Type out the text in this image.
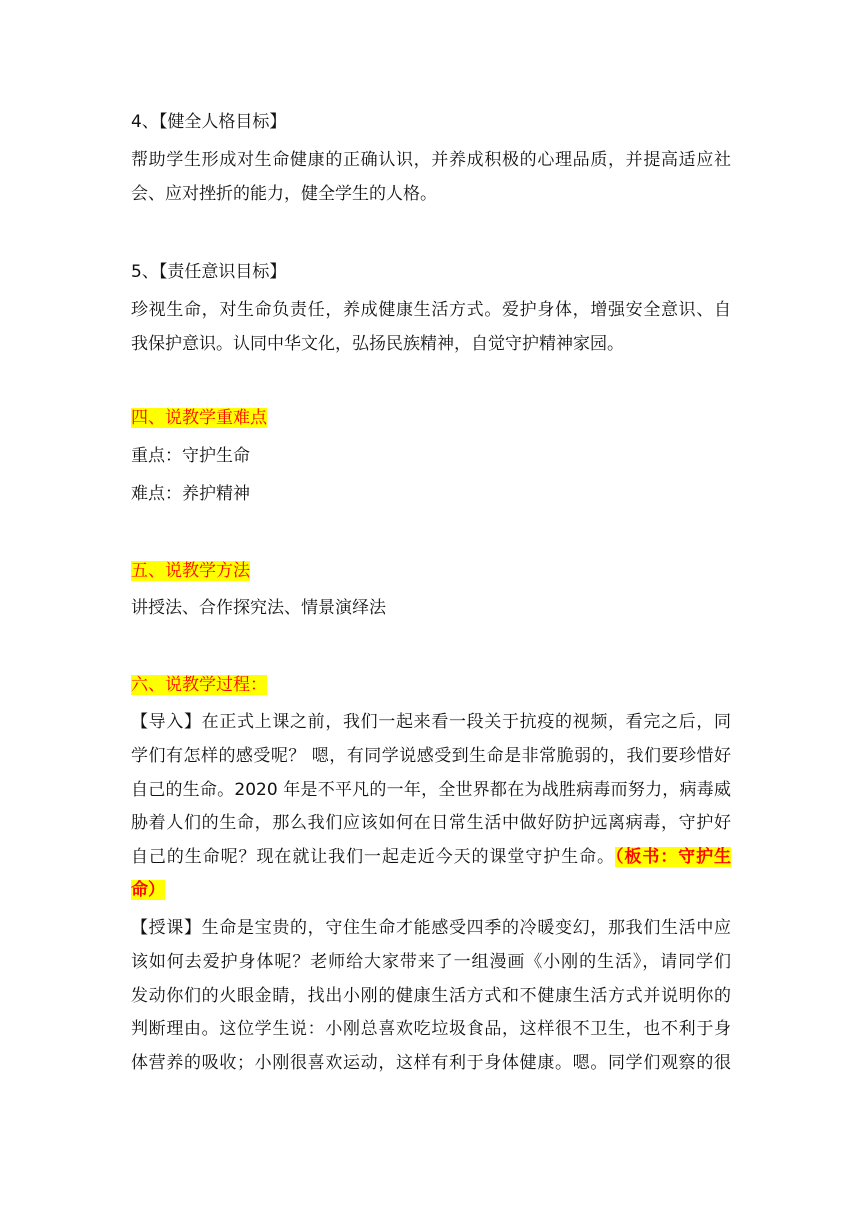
4、【健全人格目标】
帮助学生形成对生命健康的正确认识，并养成积极的心理品质，并提高适应社
会、应对挫折的能力，健全学生的人格。
5、【责任意识目标】
珍视生命，对生命负责任，养成健康生活方式。爱护身体，增强安全意识、自
我保护意识。认同中华文化，弘扬民族精神，自觉守护精神家园。
四、说教学重难点
重点：守护生命
难点：养护精神
五、说教学方法
讲授法、合作探究法、情景演绎法
六、说教学过程：
【导入】在正式上课之前，我们一起来看一段关于抗疫的视频，看完之后，同
学们有怎样的感受呢？ 嗯，有同学说感受到生命是非常脆弱的，我们要珍惜好
自己的生命。2020 年是不平凡的一年，全世界都在为战胜病毒而努力，病毒威
胁着人们的生命，那么我们应该如何在日常生活中做好防护远离病毒，守护好
自己的生命呢？现在就让我们一起走近今天的课堂守护生命。（板书：守护生
命）
【授课】生命是宝贵的，守住生命才能感受四季的冷暖变幻，那我们生活中应
该如何去爱护身体呢？老师给大家带来了一组漫画《小刚的生活》，请同学们
发动你们的火眼金睛，找出小刚的健康生活方式和不健康生活方式并说明你的
判断理由。这位学生说：小刚总喜欢吃垃圾食品，这样很不卫生，也不利于身
体营养的吸收；小刚很喜欢运动，这样有利于身体健康。嗯。同学们观察的很
